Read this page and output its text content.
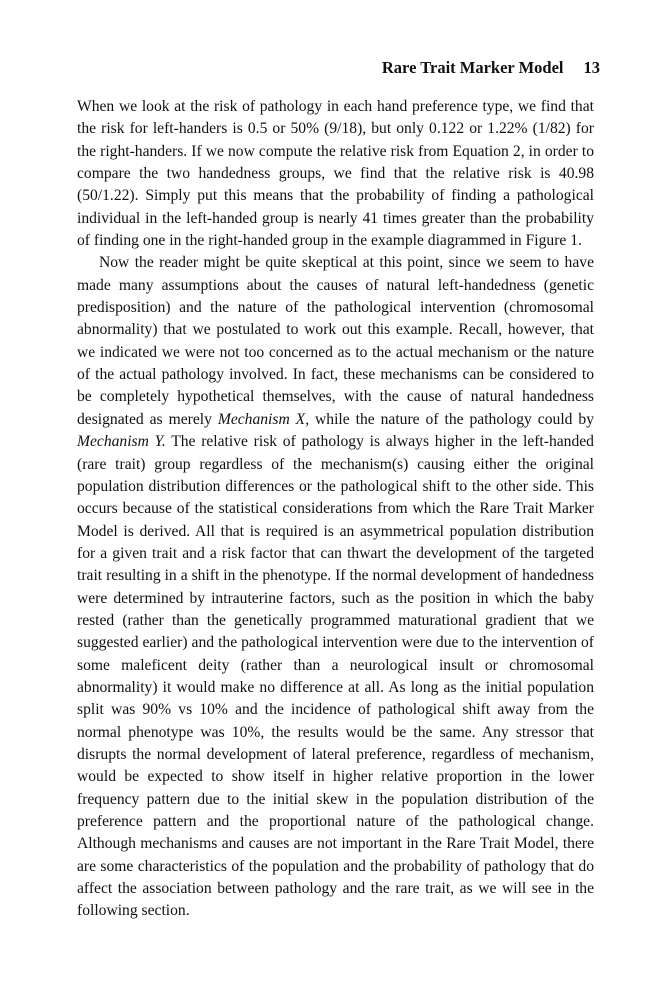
Rare Trait Marker Model 13

When we look at the risk of pathology in each hand preference type, we find that the risk for left-handers is 0.5 or 50% (9/18), but only 0.122 or 1.22% (1/82) for the right-handers. If we now compute the relative risk from Equation 2, in order to compare the two handedness groups, we find that the relative risk is 40.98 (50/1.22). Simply put this means that the probability of finding a pathological individual in the left-handed group is nearly 41 times greater than the probability of finding one in the right-handed group in the example diagrammed in Figure 1.

Now the reader might be quite skeptical at this point, since we seem to have made many assumptions about the causes of natural left-handedness (genetic predisposition) and the nature of the pathological intervention (chromosomal abnormality) that we postulated to work out this example. Recall, however, that we indicated we were not too concerned as to the actual mechanism or the nature of the actual pathology involved. In fact, these mechanisms can be considered to be completely hypothetical themselves, with the cause of natural handedness designated as merely Mechanism X, while the nature of the pathology could by Mechanism Y. The relative risk of pathology is always higher in the left-handed (rare trait) group regardless of the mechanism(s) causing either the original population distribution differences or the pathological shift to the other side. This occurs because of the statistical considerations from which the Rare Trait Marker Model is derived. All that is required is an asymmetrical population distribution for a given trait and a risk factor that can thwart the development of the targeted trait resulting in a shift in the phenotype. If the normal development of handedness were determined by intrauterine factors, such as the position in which the baby rested (rather than the genetically programmed maturational gradient that we suggested earlier) and the pathological intervention were due to the intervention of some maleficent deity (rather than a neurological insult or chromosomal abnormality) it would make no difference at all. As long as the initial population split was 90% vs 10% and the incidence of pathological shift away from the normal phenotype was 10%, the results would be the same. Any stressor that disrupts the normal development of lateral preference, regardless of mechanism, would be expected to show itself in higher relative proportion in the lower frequency pattern due to the initial skew in the population distribution of the preference pattern and the proportional nature of the pathological change. Although mechanisms and causes are not important in the Rare Trait Model, there are some characteristics of the population and the probability of pathology that do affect the association between pathology and the rare trait, as we will see in the following section.
